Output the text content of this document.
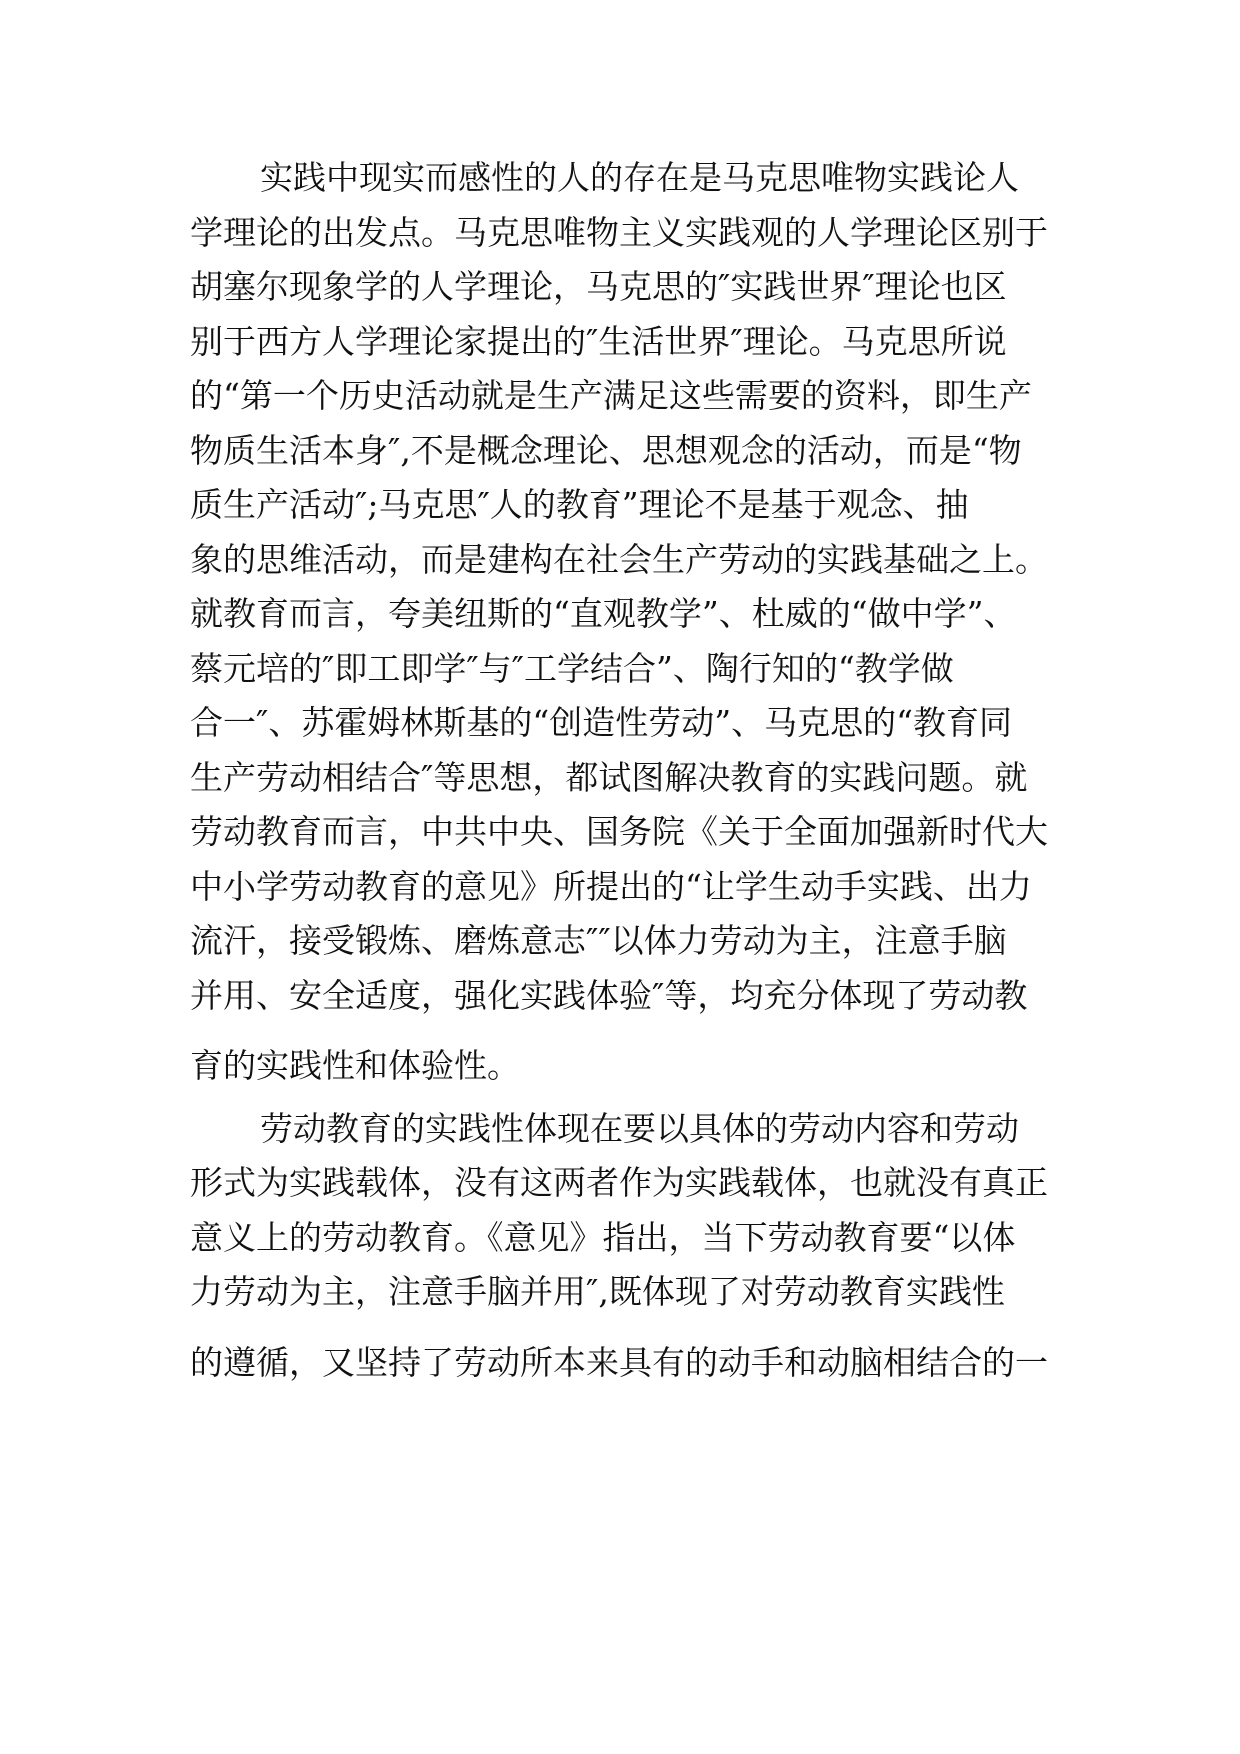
实践中现实而感性的人的存在是马克思唯物实践论人
学理论的出发点。马克思唯物主义实践观的人学理论区别于
胡塞尔现象学的人学理论，马克思的″实践世界″理论也区
别于西方人学理论家提出的″生活世界″理论。马克思所说
的“第一个历史活动就是生产满足这些需要的资料，即生产
物质生活本身″,不是概念理论、思想观念的活动，而是“物
质生产活动″;马克思″人的教育”理论不是基于观念、抽
象的思维活动，而是建构在社会生产劳动的实践基础之上。
就教育而言，夸美纽斯的“直观教学”、杜威的“做中学”、
蔡元培的″即工即学″与″工学结合”、陶行知的“教学做
合一″、苏霍姆林斯基的“创造性劳动”、马克思的“教育同
生产劳动相结合″等思想，都试图解决教育的实践问题。就
劳动教育而言，中共中央、国务院《关于全面加强新时代大
中小学劳动教育的意见》所提出的“让学生动手实践、出力
流汗，接受锻炼、磨炼意志″″以体力劳动为主，注意手脑
并用、安全适度，强化实践体验″等，均充分体现了劳动教
育的实践性和体验性。
劳动教育的实践性体现在要以具体的劳动内容和劳动
形式为实践载体，没有这两者作为实践载体，也就没有真正
意义上的劳动教育。《意见》指出，当下劳动教育要“以体
力劳动为主，注意手脑并用″,既体现了对劳动教育实践性
的遵循，又坚持了劳动所本来具有的动手和动脑相结合的一
